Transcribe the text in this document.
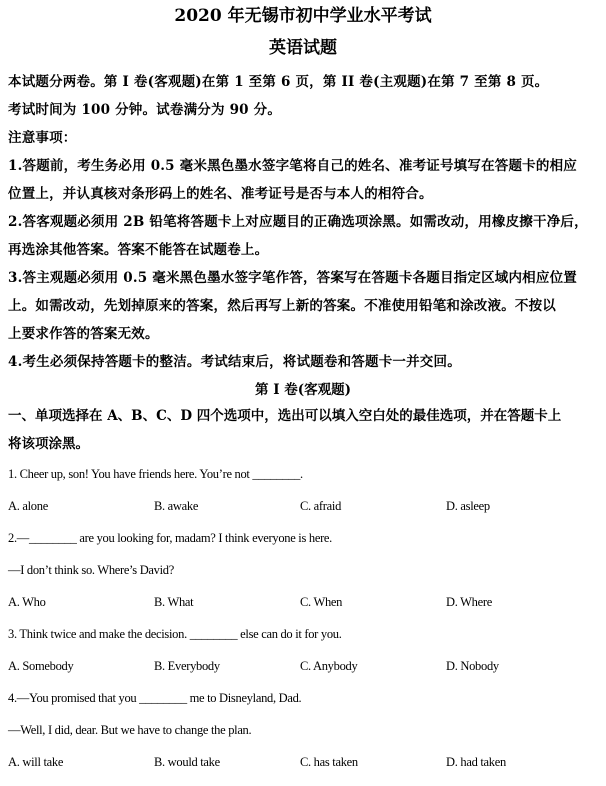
2020 年无锡市初中学业水平考试
英语试题

本试题分两卷。第 I 卷(客观题)在第 1 至第 6 页，第 II 卷(主观题)在第 7 至第 8 页。

考试时间为 100 分钟。试卷满分为 90 分。

注意事项：

1.答题前，考生务必用 0.5 毫米黑色墨水签字笔将自己的姓名、准考证号填写在答题卡的相应

位置上，并认真核对条形码上的姓名、准考证号是否与本人的相符合。

2.答客观题必须用 2B 铅笔将答题卡上对应题目的正确选项涂黑。如需改动，用橡皮擦干净后，

再选涂其他答案。答案不能答在试题卷上。

3.答主观题必须用 0.5 毫米黑色墨水签字笔作答，答案写在答题卡各题目指定区域内相应位置

上。如需改动，先划掉原来的答案，然后再写上新的答案。不准使用铅笔和涂改液。不按以

上要求作答的答案无效。

4.考生必须保持答题卡的整洁。考试结束后，将试题卷和答题卡一并交回。

第 I 卷(客观题)

一、单项选择在 A、B、C、D 四个选项中，选出可以填入空白处的最佳选项，并在答题卡上

将该项涂黑。

1. Cheer up, son! You have friends here. You’re not ________.

A. alone	B. awake	C. afraid	D. asleep

2.—________ are you looking for, madam? I think everyone is here.

—I don’t think so. Where’s David?

A. Who	B. What	C. When	D. Where

3. Think twice and make the decision. ________ else can do it for you.

A. Somebody	B. Everybody	C. Anybody	D. Nobody

4.—You promised that you ________ me to Disneyland, Dad.

—Well, I did, dear. But we have to change the plan.

A. will take	B. would take	C. has taken	D. had taken
